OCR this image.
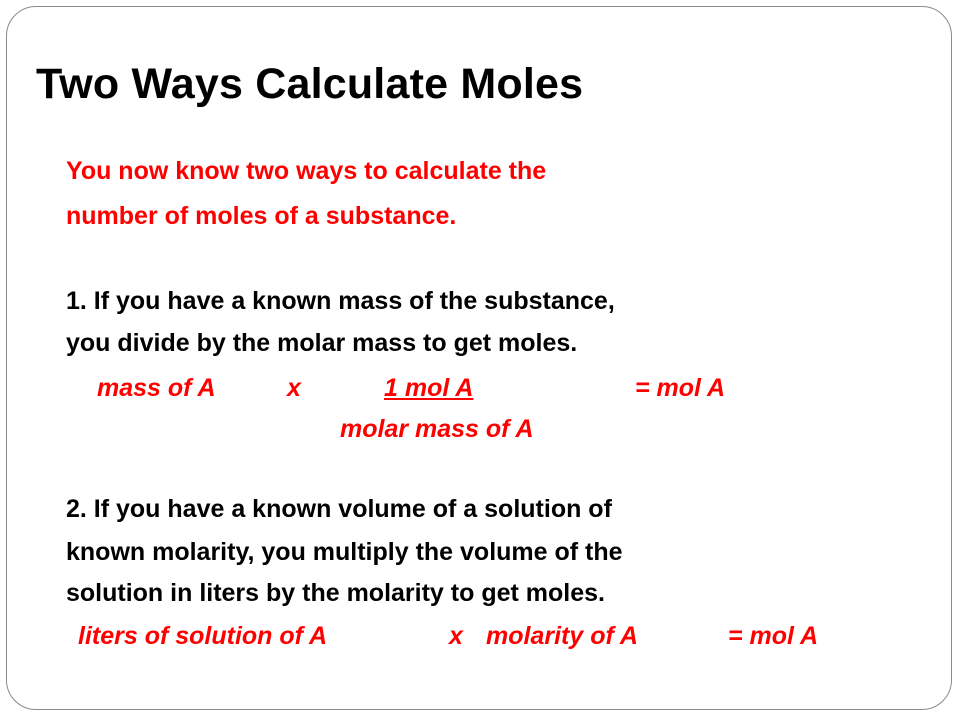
Two Ways Calculate Moles
You now know two ways to calculate the
number of moles of a substance.
1. If you have a known mass of the substance,
you divide by the molar mass to get moles.
mass of A	x	1 mol A	= mol A
molar mass of A
2. If you have a known volume of a solution of
known molarity, you multiply the volume of the
solution in liters by the molarity to get moles.
liters of solution of A	x molarity of A	= mol A
